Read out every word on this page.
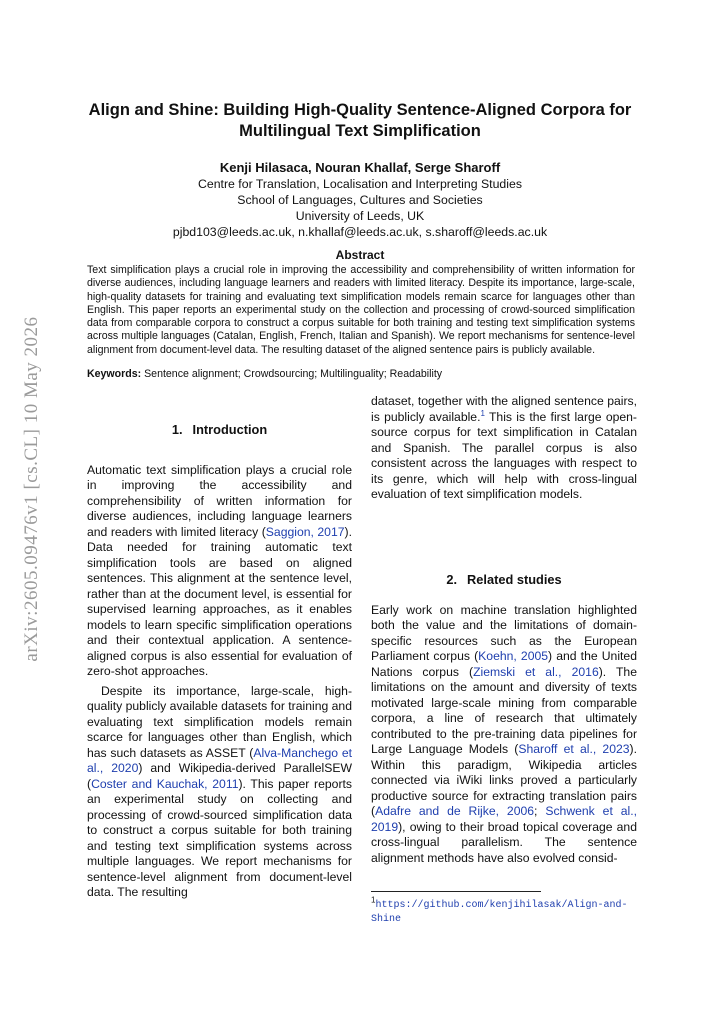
arXiv:2605.09476v1 [cs.CL] 10 May 2026
Align and Shine: Building High-Quality Sentence-Aligned Corpora for Multilingual Text Simplification
Kenji Hilasaca, Nouran Khallaf, Serge Sharoff
Centre for Translation, Localisation and Interpreting Studies
School of Languages, Cultures and Societies
University of Leeds, UK
pjbd103@leeds.ac.uk, n.khallaf@leeds.ac.uk, s.sharoff@leeds.ac.uk
Abstract
Text simplification plays a crucial role in improving the accessibility and comprehensibility of written information for diverse audiences, including language learners and readers with limited literacy. Despite its importance, large-scale, high-quality datasets for training and evaluating text simplification models remain scarce for languages other than English. This paper reports an experimental study on the collection and processing of crowd-sourced simplification data from comparable corpora to construct a corpus suitable for both training and testing text simplification systems across multiple languages (Catalan, English, French, Italian and Spanish). We report mechanisms for sentence-level alignment from document-level data. The resulting dataset of the aligned sentence pairs is publicly available.
Keywords: Sentence alignment; Crowdsourcing; Multilinguality; Readability
1. Introduction

Automatic text simplification plays a crucial role in improving the accessibility and comprehensibility of written information for diverse audiences, including language learners and readers with limited literacy (Saggion, 2017). Data needed for training automatic text simplification tools are based on aligned sentences. This alignment at the sentence level, rather than at the document level, is essential for supervised learning approaches, as it enables models to learn specific simplification operations and their contextual application. A sentence-aligned corpus is also essential for evaluation of zero-shot approaches.

Despite its importance, large-scale, high-quality publicly available datasets for training and evaluating text simplification models remain scarce for languages other than English, which has such datasets as ASSET (Alva-Manchego et al., 2020) and Wikipedia-derived ParallelSEW (Coster and Kauchak, 2011). This paper reports an experimental study on collecting and processing of crowd-sourced simplification data to construct a corpus suitable for both training and testing text simplification systems across multiple languages. We report mechanisms for sentence-level alignment from document-level data. The resulting

dataset, together with the aligned sentence pairs, is publicly available.$^1$ This is the first large open-source corpus for text simplification in Catalan and Spanish. The parallel corpus is also consistent across the languages with respect to its genre, which will help with cross-lingual evaluation of text simplification models.

2. Related studies

Early work on machine translation highlighted both the value and the limitations of domain-specific resources such as the European Parliament corpus (Koehn, 2005) and the United Nations corpus (Ziemski et al., 2016). The limitations on the amount and diversity of texts motivated large-scale mining from comparable corpora, a line of research that ultimately contributed to the pre-training data pipelines for Large Language Models (Sharoff et al., 2023). Within this paradigm, Wikipedia articles connected via iWiki links proved a particularly productive source for extracting translation pairs (Adafre and de Rijke, 2006; Schwenk et al., 2019), owing to their broad topical coverage and cross-lingual parallelism. The sentence alignment methods have also evolved consid-

$^1$https://github.com/kenjihilasak/Align-and-Shine
